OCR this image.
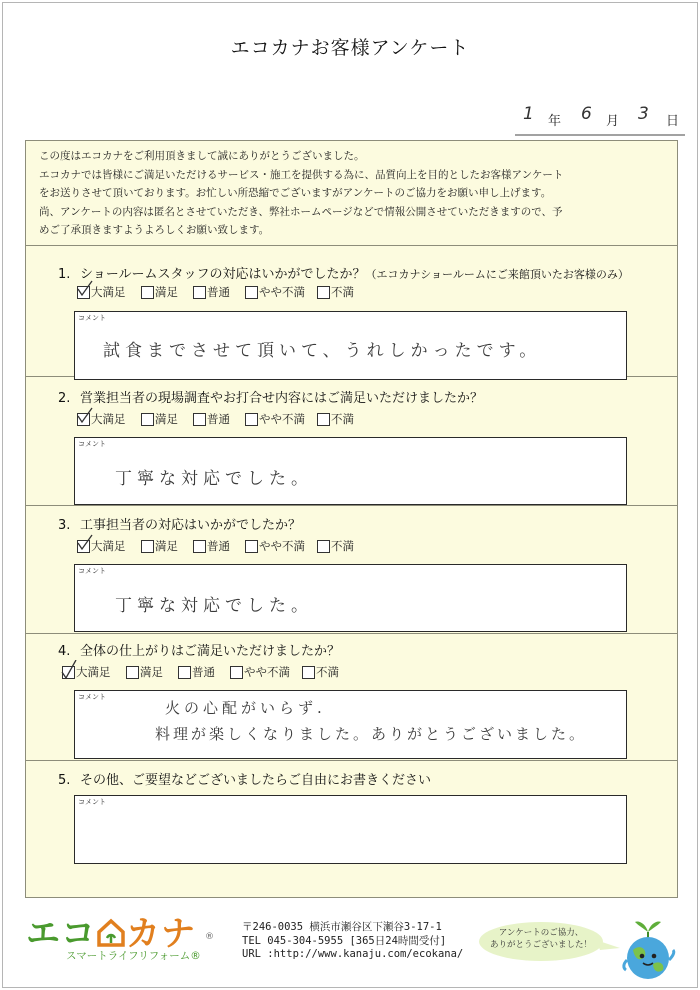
エコカナお客様アンケート
1 年 6 月 3 日
この度はエコカナをご利用頂きまして誠にありがとうございました。
エコカナでは皆様にご満足いただけるサービス・施工を提供する為に、品質向上を目的としたお客様アンケート
をお送りさせて頂いております。お忙しい所恐縮でございますがアンケートのご協力をお願い申し上げます。
尚、アンケートの内容は匿名とさせていただき、弊社ホームページなどで情報公開させていただきますので、予
めご了承頂きますようよろしくお願い致します。
1. ショールームスタッフの対応はいかがでしたか？（エコカナショールームにご来館頂いたお客様のみ）
大満足	満足	普通	やや不満 不満
コメント
試食までさせて頂いて、うれしかったです。
2. 営業担当者の現場調査やお打合せ内容にはご満足いただけましたか？
大満足	満足	普通	やや不満 不満
コメント
丁寧な対応でした。
3. 工事担当者の対応はいかがでしたか？
大満足	満足	普通	やや不満 不満
丁寧な対応でした。
コメント
4. 全体の仕上がりはご満足いただけましたか？
大満足	満足	普通	やや不満 不満
コメント
火の心配がいらず.
料理が楽しくなりました。ありがとうございました。
5. その他、ご要望などございましたらご自由にお書きください
コメント
エコ カナ ®
スマートライフリフォーム®
〒246-0035 横浜市瀬谷区下瀬谷3-17-1
TEL 045-304-5955 [365日24時間受付]
URL :http://www.kanaju.com/ecokana/
アンケートのご協力、
ありがとうございました！
